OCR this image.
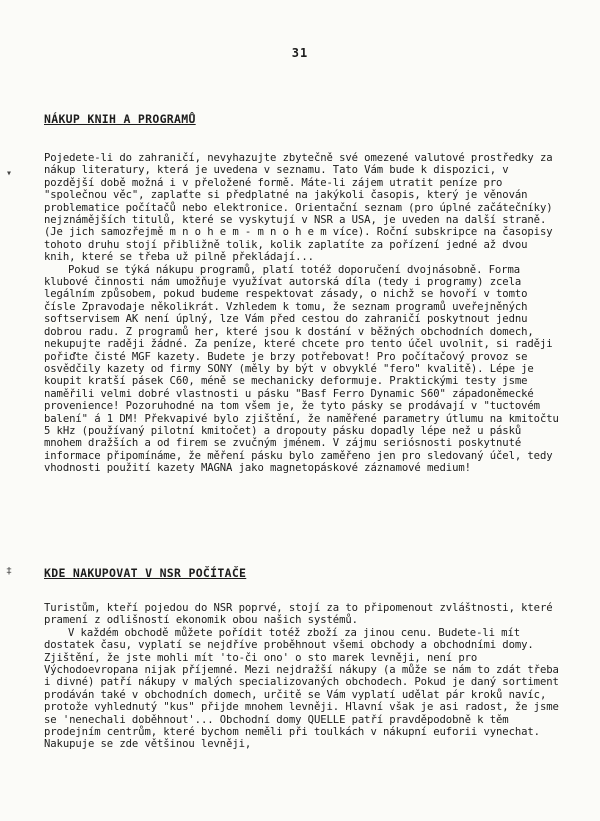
31
▾
‡
NÁKUP KNIH A PROGRAMŮ

Pojedete-li do zahraničí, nevyhazujte zbytečně své omezené valutové prostředky za nákup literatury, která je uvedena v seznamu. Tato Vám bude k dispozici, v pozdější době možná i v přeložené formě. Máte-li zájem utratit peníze pro "společnou věc", zaplaťte si předplatné na jakýkoli časopis, který je věnován problematice počítačů nebo elektronice. Orientační seznam (pro úplné začátečníky) nejznámějších titulů, které se vyskytují v NSR a USA, je uveden na další straně. (Je jich samozřejmě m n o h e m - m n o h e m více). Roční subskripce na časopisy tohoto druhu stojí přibližně tolik, kolik zaplatíte za pořízení jedné až dvou knih, které se třeba už pilně překládají...

Pokud se týká nákupu programů, platí totéž doporučení dvojnásobně. Forma klubové činnosti nám umožňuje využívat autorská díla (tedy i programy) zcela legálním způsobem, pokud budeme respektovat zásady, o nichž se hovoří v tomto čísle Zpravodaje několikrát. Vzhledem k tomu, že seznam programů uveřejněných softservisem AK není úplný, lze Vám před cestou do zahraničí poskytnout jednu dobrou radu. Z programů her, které jsou k dostání v běžných obchodních domech, nekupujte raději žádné. Za peníze, které chcete pro tento účel uvolnit, si raději pořiďte čisté MGF kazety. Budete je brzy potřebovat! Pro počítačový provoz se osvědčily kazety od firmy SONY (měly by být v obvyklé "fero" kvalitě). Lépe je koupit kratší pásek C60, méně se mechanicky deformuje. Praktickými testy jsme naměřili velmi dobré vlastnosti u pásku "Basf Ferro Dynamic S60" západoněmecké provenience! Pozoruhodné na tom všem je, že tyto pásky se prodávají v "tuctovém balení" á 1 DM! Překvapivé bylo zjištění, že naměřené parametry útlumu na kmitočtu 5 kHz (používaný pilotní kmitočet) a dropouty pásku dopadly lépe než u pásků mnohem dražších a od firem se zvučným jménem. V zájmu seriósnosti poskytnuté informace připomínáme, že měření pásku bylo zaměřeno jen pro sledovaný účel, tedy vhodnosti použití kazety MAGNA jako magnetopáskové záznamové medium!

KDE NAKUPOVAT V NSR POČÍTAČE

Turistům, kteří pojedou do NSR poprvé, stojí za to připomenout zvláštnosti, které pramení z odlišností ekonomik obou našich systémů.

V každém obchodě můžete pořídit totéž zboží za jinou cenu. Budete-li mít dostatek času, vyplatí se nejdříve proběhnout všemi obchody a obchodními domy. Zjištění, že jste mohli mít 'to-či ono' o sto marek levněji, není pro Východoevropana nijak příjemné. Mezi nejdražší nákupy (a může se nám to zdát třeba i divné) patří nákupy v malých specializovaných obchodech. Pokud je daný sortiment prodáván také v obchodních domech, určitě se Vám vyplatí udělat pár kroků navíc, protože vyhlednutý "kus" přijde mnohem levněji. Hlavní však je asi radost, že jsme se 'nenechali doběhnout'... Obchodní domy QUELLE patří pravděpodobně k těm prodejním centrům, které bychom neměli při toulkách v nákupní euforii vynechat. Nakupuje se zde většinou levněji,
